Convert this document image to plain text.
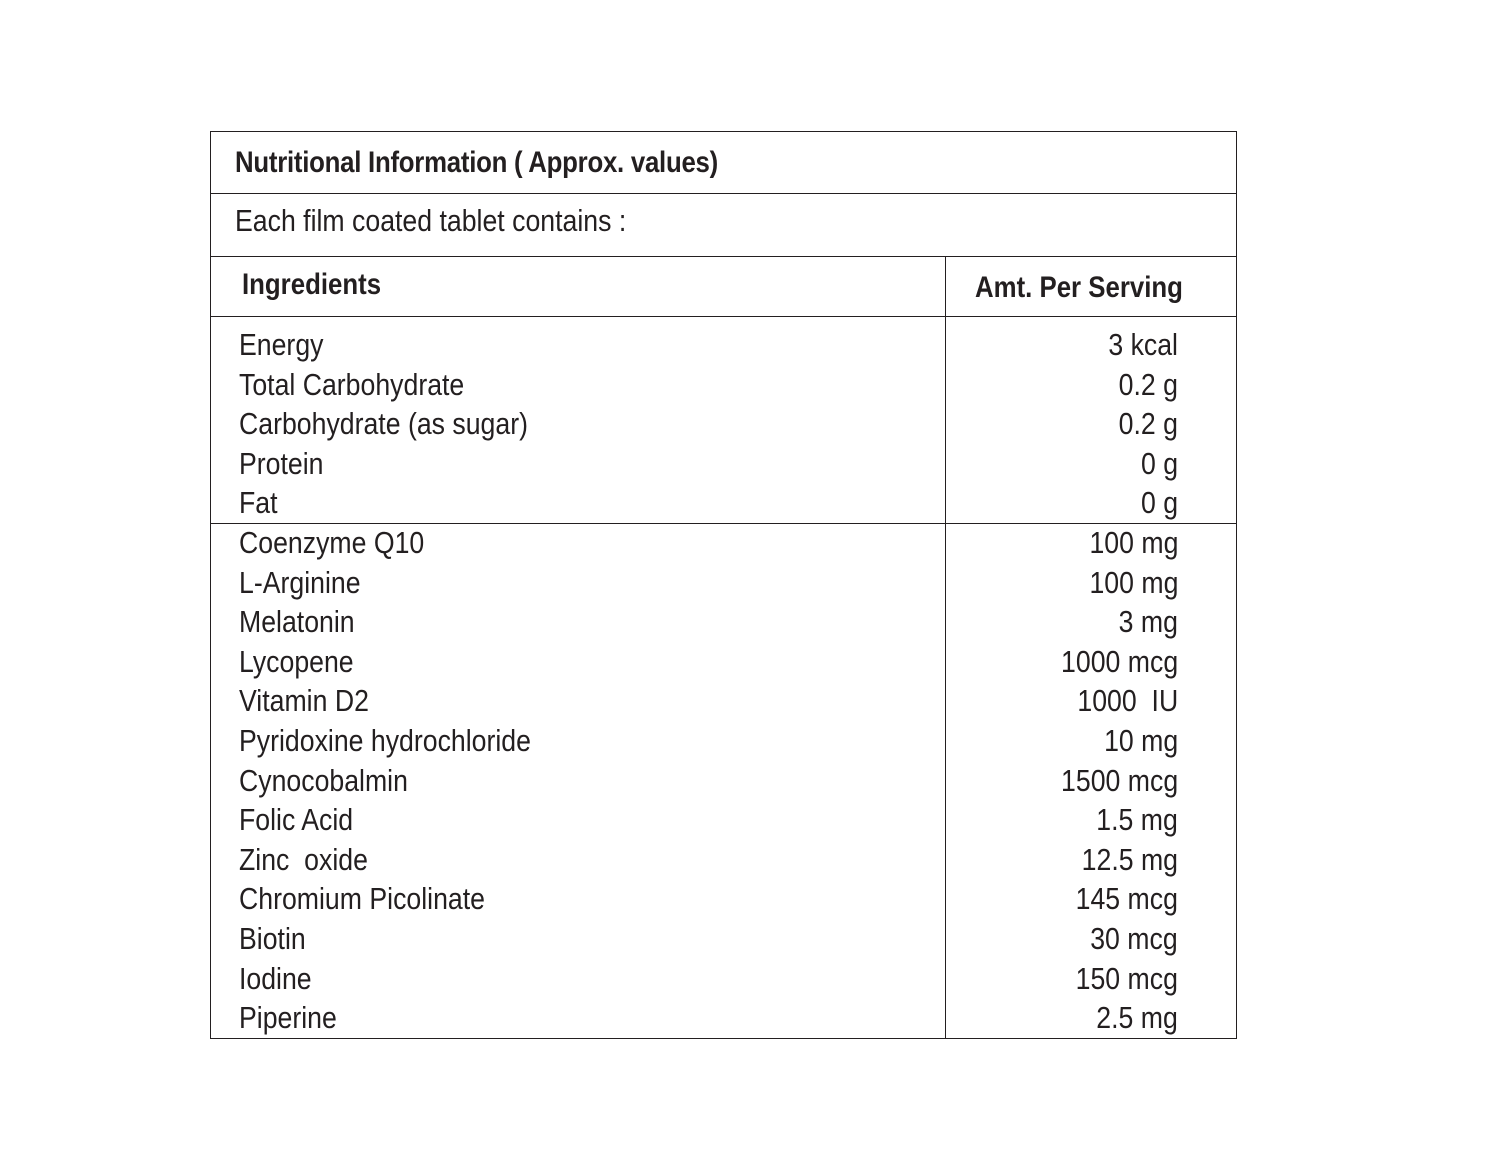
Nutritional Information ( Approx. values)
Each film coated tablet contains :
Ingredients	Amt. Per Serving
Energy	3 kcal
Total Carbohydrate	0.2 g
Carbohydrate (as sugar)	0.2 g
Protein	0 g
Fat	0 g
Coenzyme Q10	100 mg
L-Arginine	100 mg
Melatonin	3 mg
Lycopene	1000 mcg
Vitamin D2	1000  IU
Pyridoxine hydrochloride	10 mg
Cynocobalmin	1500 mcg
Folic Acid	1.5 mg
Zinc  oxide	12.5 mg
Chromium Picolinate	145 mcg
Biotin	30 mcg
Iodine	150 mcg
Piperine	2.5 mg
